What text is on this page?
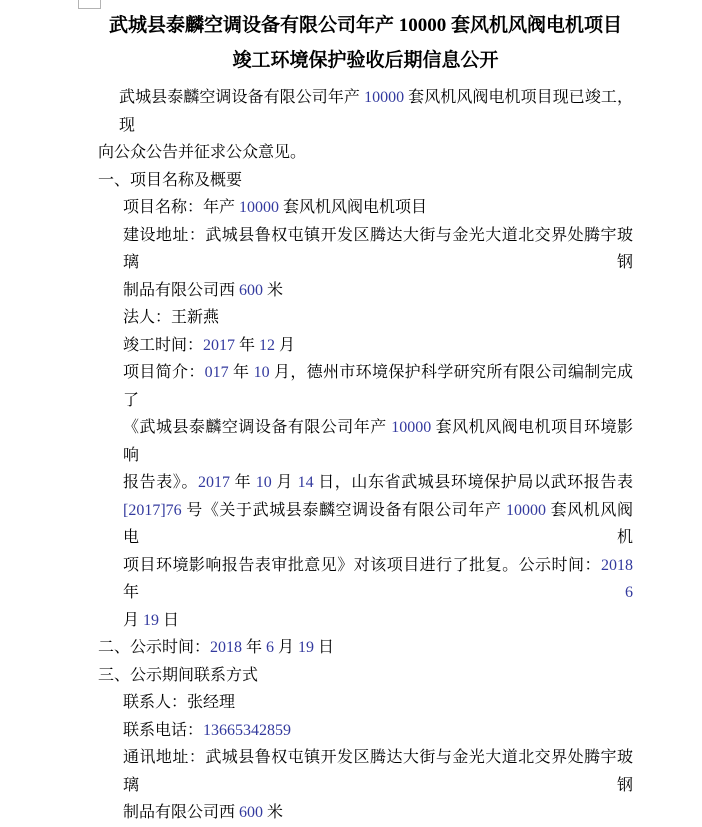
武城县泰麟空调设备有限公司年产 10000 套风机风阀电机项目
竣工环境保护验收后期信息公开
武城县泰麟空调设备有限公司年产 10000 套风机风阀电机项目现已竣工，现
向公众公告并征求公众意见。
一、项目名称及概要
项目名称：年产 10000 套风机风阀电机项目
建设地址：武城县鲁权屯镇开发区腾达大街与金光大道北交界处腾宇玻璃钢
制品有限公司西 600 米
法人：王新燕
竣工时间：2017 年 12 月
项目简介：017 年 10 月，德州市环境保护科学研究所有限公司编制完成了
《武城县泰麟空调设备有限公司年产 10000 套风机风阀电机项目环境影响
报告表》。2017 年 10 月 14 日，山东省武城县环境保护局以武环报告表
[2017]76 号《关于武城县泰麟空调设备有限公司年产 10000 套风机风阀电机
项目环境影响报告表审批意见》对该项目进行了批复。公示时间：2018 年 6
月 19 日
二、公示时间：2018 年 6 月 19 日
三、公示期间联系方式
联系人：张经理
联系电话：13665342859
通讯地址：武城县鲁权屯镇开发区腾达大街与金光大道北交界处腾宇玻璃钢
制品有限公司西 600 米
